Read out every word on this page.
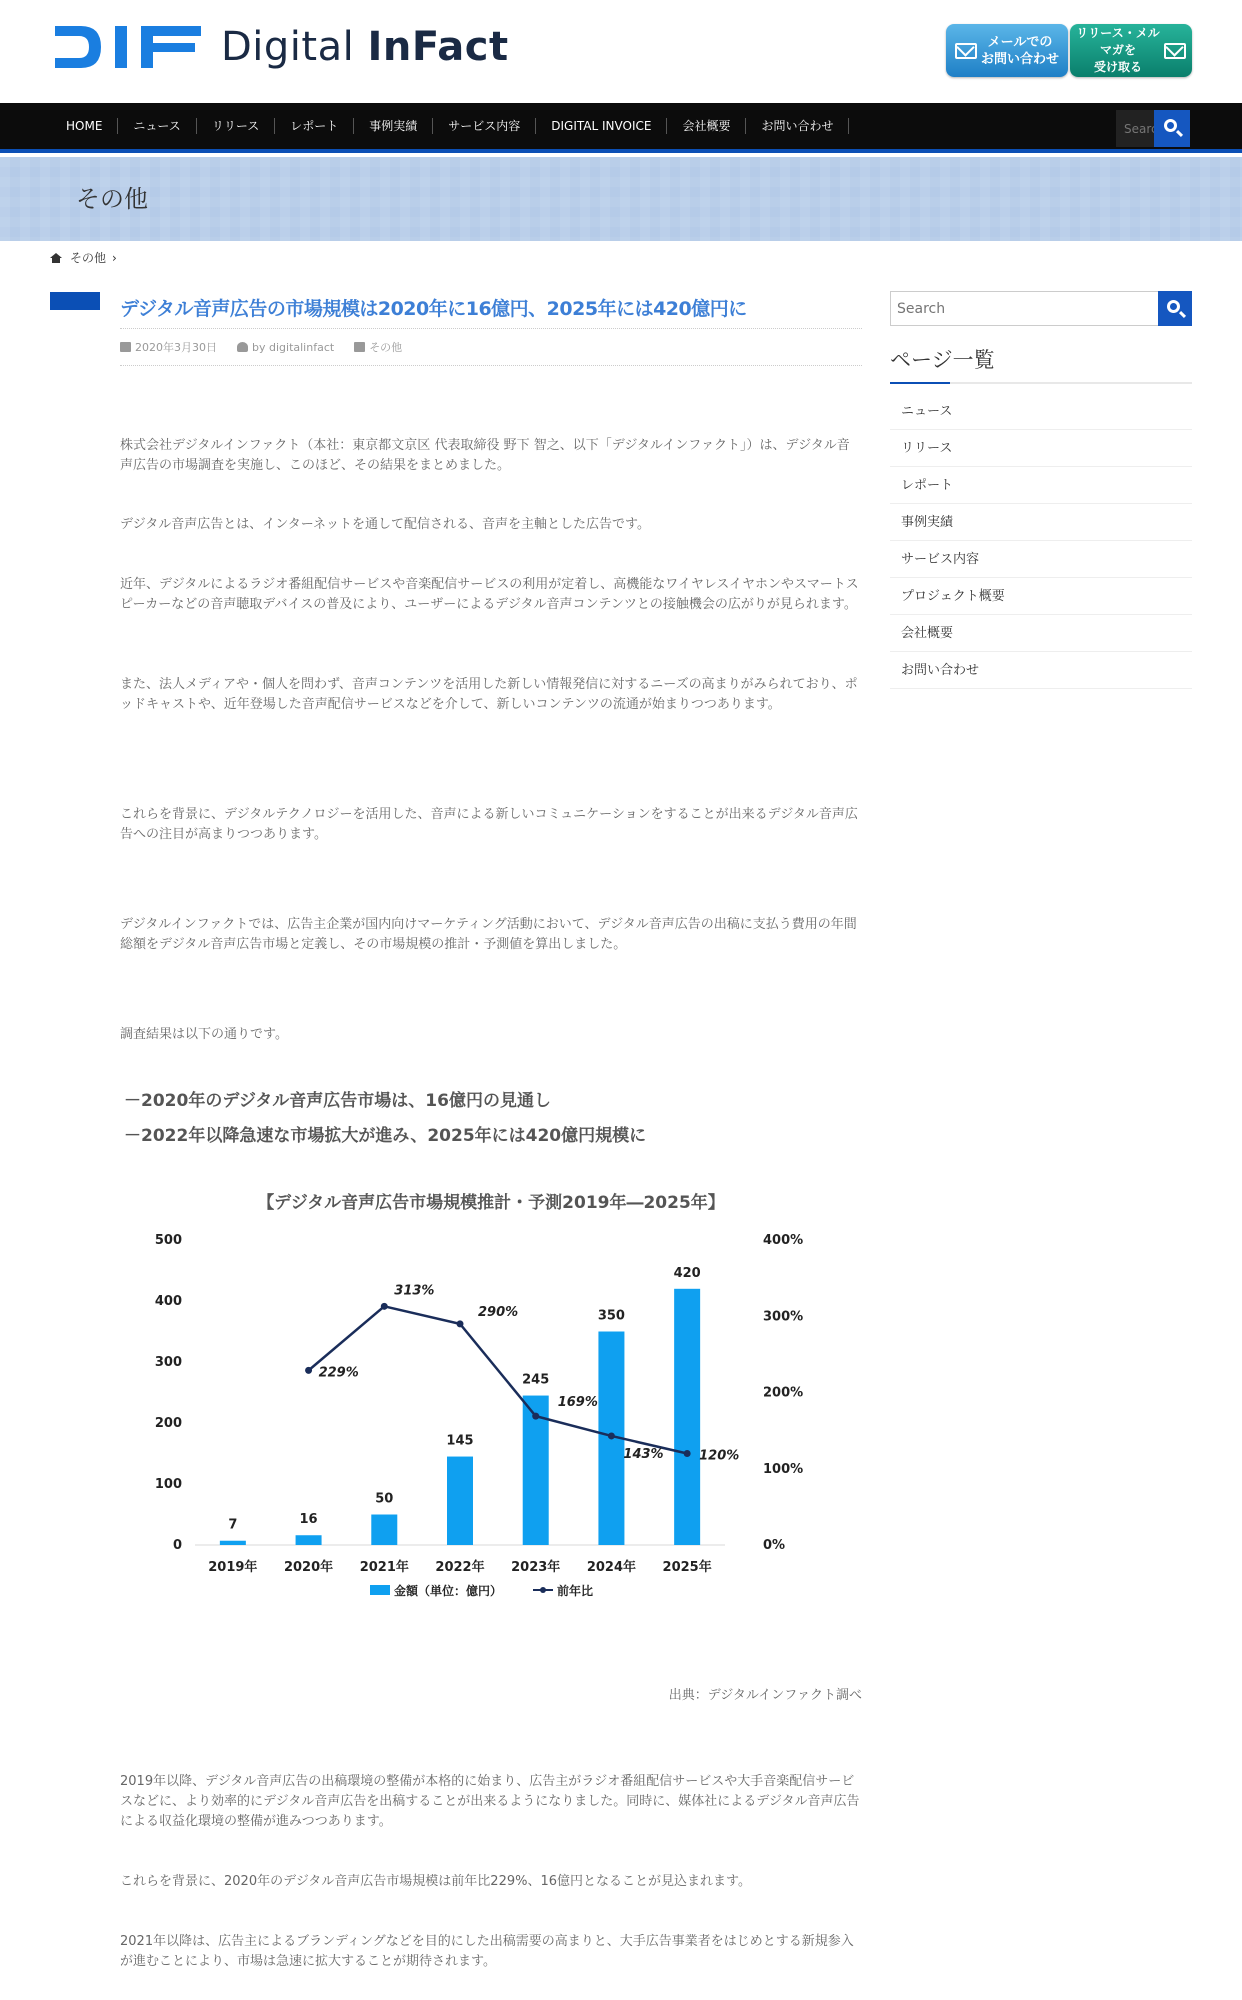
Digital InFact	メールでの
お問い合わせ
リリース・メルマガを
受け取る
HOME	ニュース	リリース	レポート	事例実績	サービス内容	DIGITAL INVOICE	会社概要	お問い合わせ
Search
その他
その他 ›
デジタル音声広告の市場規模は2020年に16億円、2025年には420億円に
2020年3月30日	by digitalinfact	その他

株式会社デジタルインファクト（本社：東京都文京区 代表取締役 野下 智之、以下「デジタルインファクト」）は、デジタル音声広告の市場調査を実施し、このほど、その結果をまとめました。

デジタル音声広告とは、インターネットを通して配信される、音声を主軸とした広告です。

近年、デジタルによるラジオ番組配信サービスや音楽配信サービスの利用が定着し、高機能なワイヤレスイヤホンやスマートスピーカーなどの音声聴取デバイスの普及により、ユーザーによるデジタル音声コンテンツとの接触機会の広がりが見られます。

また、法人メディアや・個人を問わず、音声コンテンツを活用した新しい情報発信に対するニーズの高まりがみられており、ポッドキャストや、近年登場した音声配信サービスなどを介して、新しいコンテンツの流通が始まりつつあります。

これらを背景に、デジタルテクノロジーを活用した、音声による新しいコミュニケーションをすることが出来るデジタル音声広告への注目が高まりつつあります。

デジタルインファクトでは、広告主企業が国内向けマーケティング活動において、デジタル音声広告の出稿に支払う費用の年間総額をデジタル音声広告市場と定義し、その市場規模の推計・予測値を算出しました。

調査結果は以下の通りです。

－2020年のデジタル音声広告市場は、16億円の見通し
－2022年以降急速な市場拡大が進み、2025年には420億円規模に
【デジタル音声広告市場規模推計・予測2019年―2025年】
0
100
200
300
400
500
0%
100%
200%
300%
400%
7	16
50
145
245
350
420
2019年 2020年 2021年 2022年 2023年 2024年 2025年
229%
313%
290%
169%
143%	120%
金額（単位：億円）	前年比
出典：デジタルインファクト調べ

2019年以降、デジタル音声広告の出稿環境の整備が本格的に始まり、広告主がラジオ番組配信サービスや大手音楽配信サービスなどに、より効率的にデジタル音声広告を出稿することが出来るようになりました。同時に、媒体社によるデジタル音声広告による収益化環境の整備が進みつつあります。

これらを背景に、2020年のデジタル音声広告市場規模は前年比229%、16億円となることが見込まれます。

2021年以降は、広告主によるブランディングなどを目的にした出稿需要の高まりと、大手広告事業者をはじめとする新規参入が進むことにより、市場は急速に拡大することが期待されます。

Search
ページ一覧
ニュース
リリース
レポート
事例実績
サービス内容
プロジェクト概要
会社概要
お問い合わせ
